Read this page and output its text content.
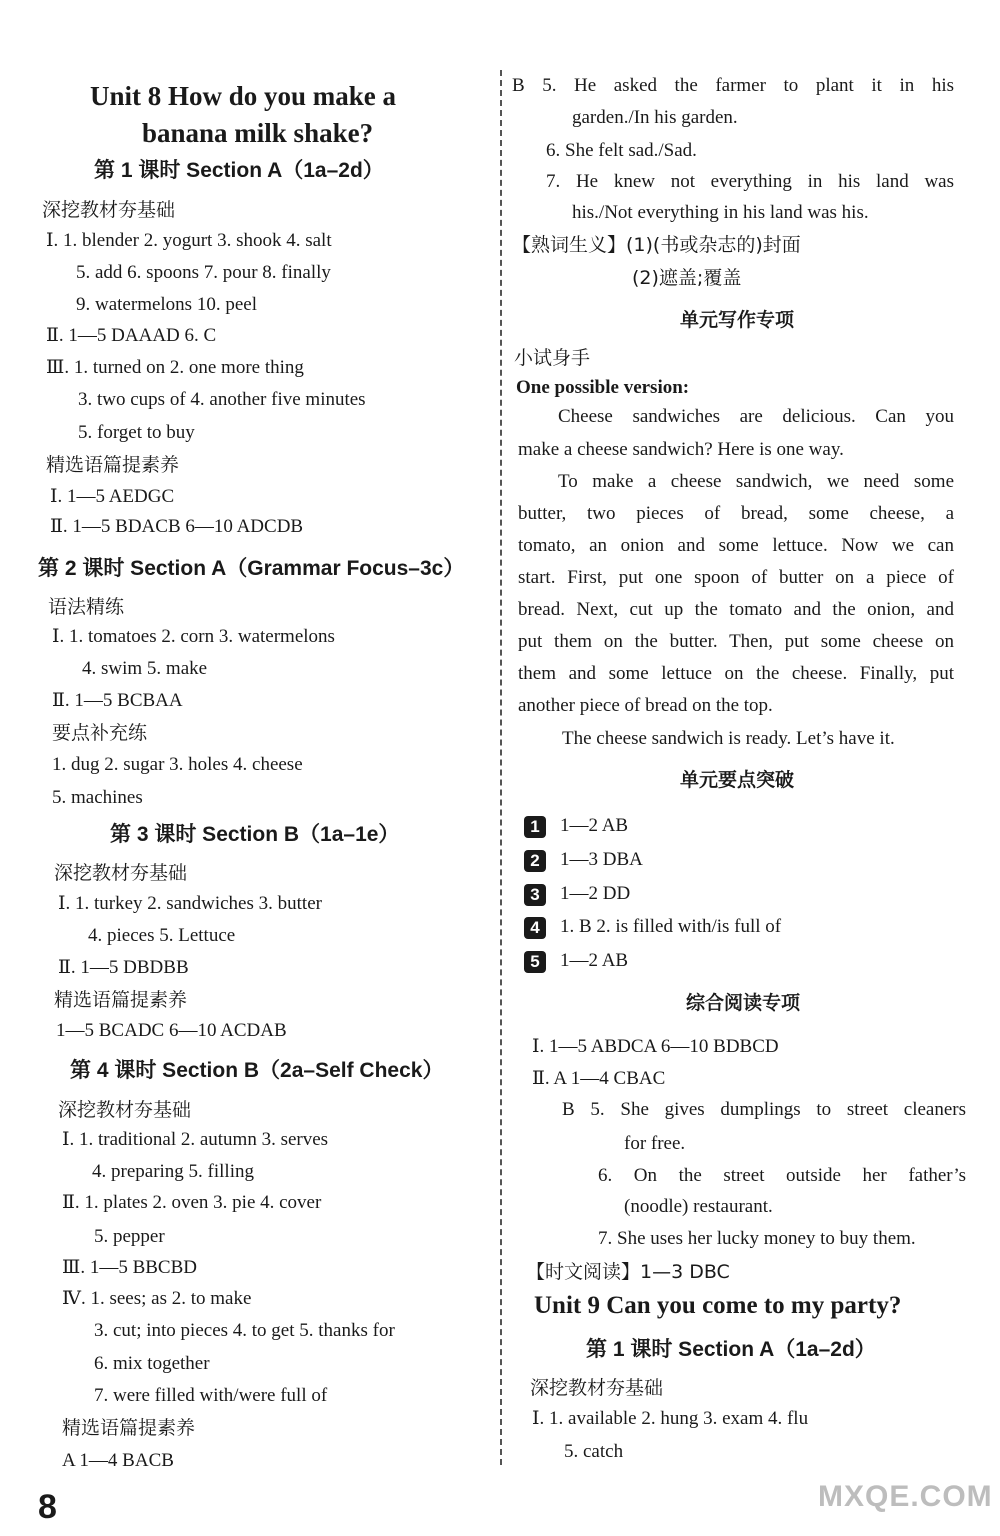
Unit 8 How do you make a
banana milk shake?
第 1 课时 Section A（1a–2d）
深挖教材夯基础
Ⅰ. 1. blender 2. yogurt 3. shook 4. salt
5. add 6. spoons 7. pour 8. finally
9. watermelons 10. peel
Ⅱ. 1—5 DAAAD 6. C
Ⅲ. 1. turned on 2. one more thing
3. two cups of 4. another five minutes
5. forget to buy
精选语篇提素养
Ⅰ. 1—5 AEDGC
Ⅱ. 1—5 BDACB 6—10 ADCDB
第 2 课时 Section A（Grammar Focus–3c）
语法精练
Ⅰ. 1. tomatoes 2. corn 3. watermelons
4. swim 5. make
Ⅱ. 1—5 BCBAA
要点补充练
1. dug 2. sugar 3. holes 4. cheese
5. machines
第 3 课时 Section B（1a–1e）
深挖教材夯基础
Ⅰ. 1. turkey 2. sandwiches 3. butter
4. pieces 5. Lettuce
Ⅱ. 1—5 DBDBB
精选语篇提素养
1—5 BCADC 6—10 ACDAB
第 4 课时 Section B（2a–Self Check）
深挖教材夯基础
Ⅰ. 1. traditional 2. autumn 3. serves
4. preparing 5. filling
Ⅱ. 1. plates 2. oven 3. pie 4. cover
5. pepper
Ⅲ. 1—5 BBCBD
Ⅳ. 1. sees; as 2. to make
3. cut; into pieces 4. to get 5. thanks for
6. mix together
7. were filled with/were full of
精选语篇提素养
A 1—4 BACB
B 5. He asked the farmer to plant it in his
garden./In his garden.
6. She felt sad./Sad.
7. He knew not everything in his land was
his./Not everything in his land was his.
【熟词生义】(1)(书或杂志的)封面
(2)遮盖;覆盖
单元写作专项
小试身手
One possible version:
Cheese sandwiches are delicious. Can you
make a cheese sandwich? Here is one way.
To make a cheese sandwich, we need some
butter, two pieces of bread, some cheese, a
tomato, an onion and some lettuce. Now we can
start. First, put one spoon of butter on a piece of
bread. Next, cut up the tomato and the onion, and
put them on the butter. Then, put some cheese on
them and some lettuce on the cheese. Finally, put
another piece of bread on the top.
The cheese sandwich is ready. Let’s have it.
单元要点突破
1 1—2 AB
2 1—3 DBA
3 1—2 DD
4 1. B 2. is filled with/is full of
5 1—2 AB
综合阅读专项
Ⅰ. 1—5 ABDCA 6—10 BDBCD
Ⅱ. A 1—4 CBAC
B 5. She gives dumplings to street cleaners
for free.
6. On the street outside her father’s
(noodle) restaurant.
7. She uses her lucky money to buy them.
【时文阅读】1—3 DBC
Unit 9 Can you come to my party?
第 1 课时 Section A（1a–2d）
深挖教材夯基础
Ⅰ. 1. available 2. hung 3. exam 4. flu
5. catch
8	MXQE.COM
